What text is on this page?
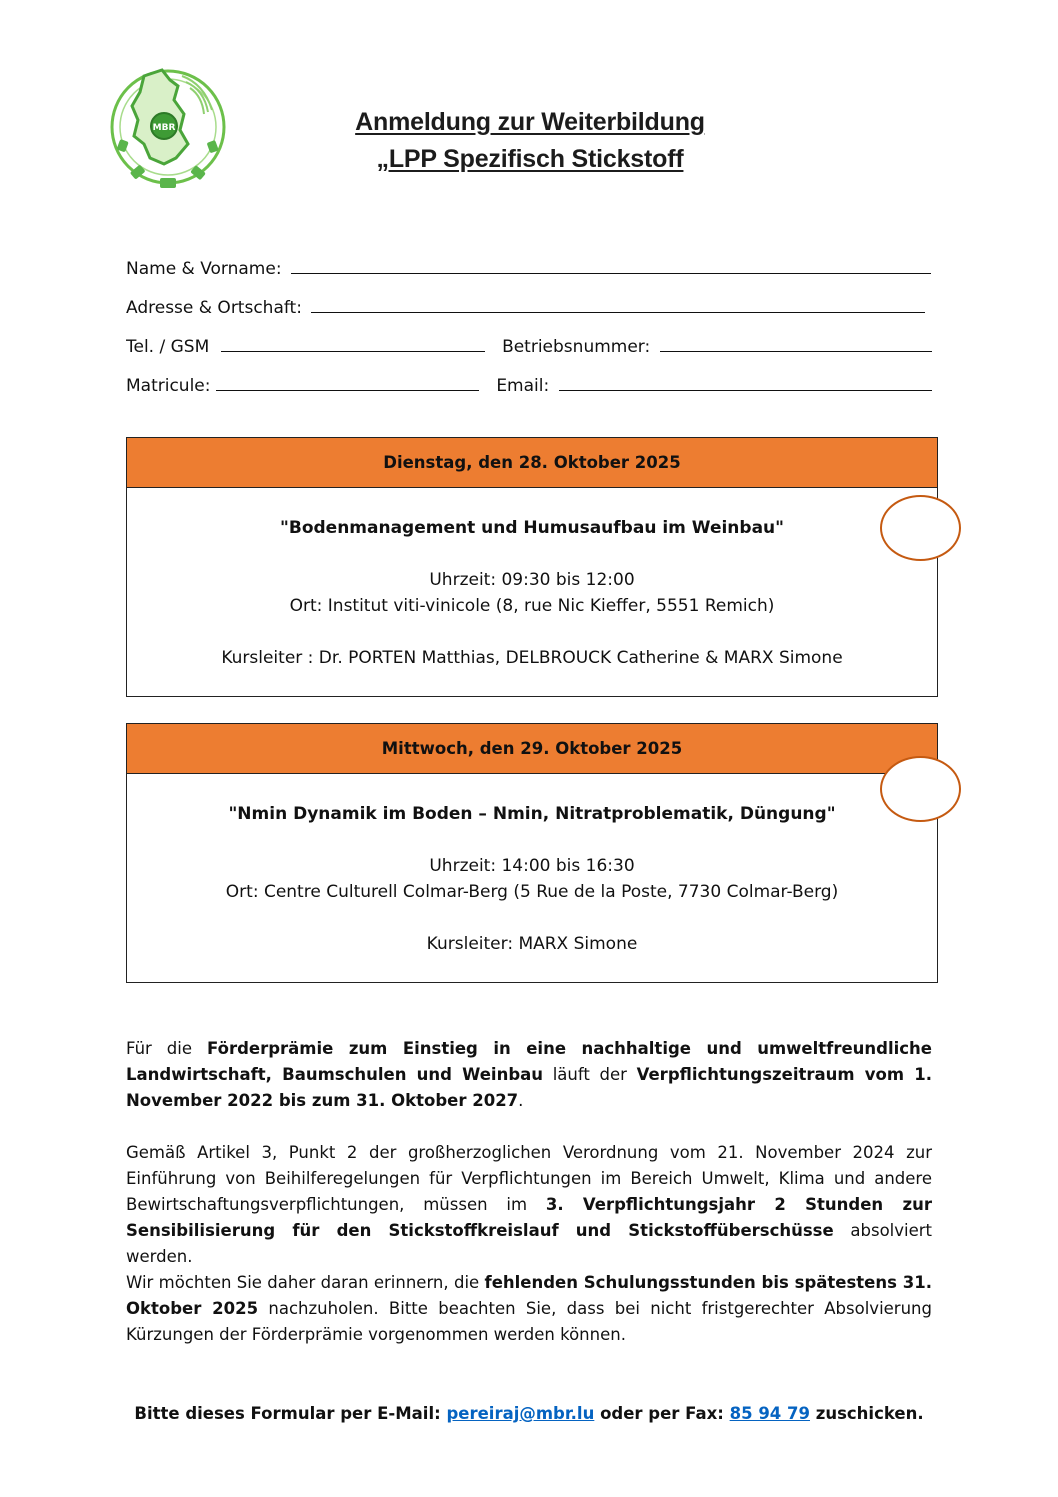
MBR	Anmeldung zur Weiterbildung
„LPP Spezifisch Stickstoff
Name & Vorname:
Adresse & Ortschaft:
Tel. / GSM	Betriebsnummer:
Matricule:	Email:
Dienstag, den 28. Oktober 2025
"Bodenmanagement und Humusaufbau im Weinbau"
Uhrzeit: 09:30 bis 12:00
Ort: Institut viti-vinicole (8, rue Nic Kieffer, 5551 Remich)
Kursleiter : Dr. PORTEN Matthias, DELBROUCK Catherine & MARX Simone
Mittwoch, den 29. Oktober 2025
"Nmin Dynamik im Boden – Nmin, Nitratproblematik, Düngung"
Uhrzeit: 14:00 bis 16:30
Ort: Centre Culturell Colmar-Berg (5 Rue de la Poste, 7730 Colmar-Berg)
Kursleiter: MARX Simone
Für die Förderprämie zum Einstieg in eine nachhaltige und umweltfreundliche Landwirtschaft, Baumschulen und Weinbau läuft der Verpflichtungszeitraum vom 1. November 2022 bis zum 31. Oktober 2027.
Gemäß Artikel 3, Punkt 2 der großherzoglichen Verordnung vom 21. November 2024 zur Einführung von Beihilferegelungen für Verpflichtungen im Bereich Umwelt, Klima und andere Bewirtschaftungsverpflichtungen, müssen im 3. Verpflichtungsjahr 2 Stunden zur Sensibilisierung für den Stickstoffkreislauf und Stickstoffüberschüsse absolviert werden.
Wir möchten Sie daher daran erinnern, die fehlenden Schulungsstunden bis spätestens 31. Oktober 2025 nachzuholen. Bitte beachten Sie, dass bei nicht fristgerechter Absolvierung Kürzungen der Förderprämie vorgenommen werden können.
Bitte dieses Formular per E-Mail: pereiraj@mbr.lu oder per Fax: 85 94 79 zuschicken.
